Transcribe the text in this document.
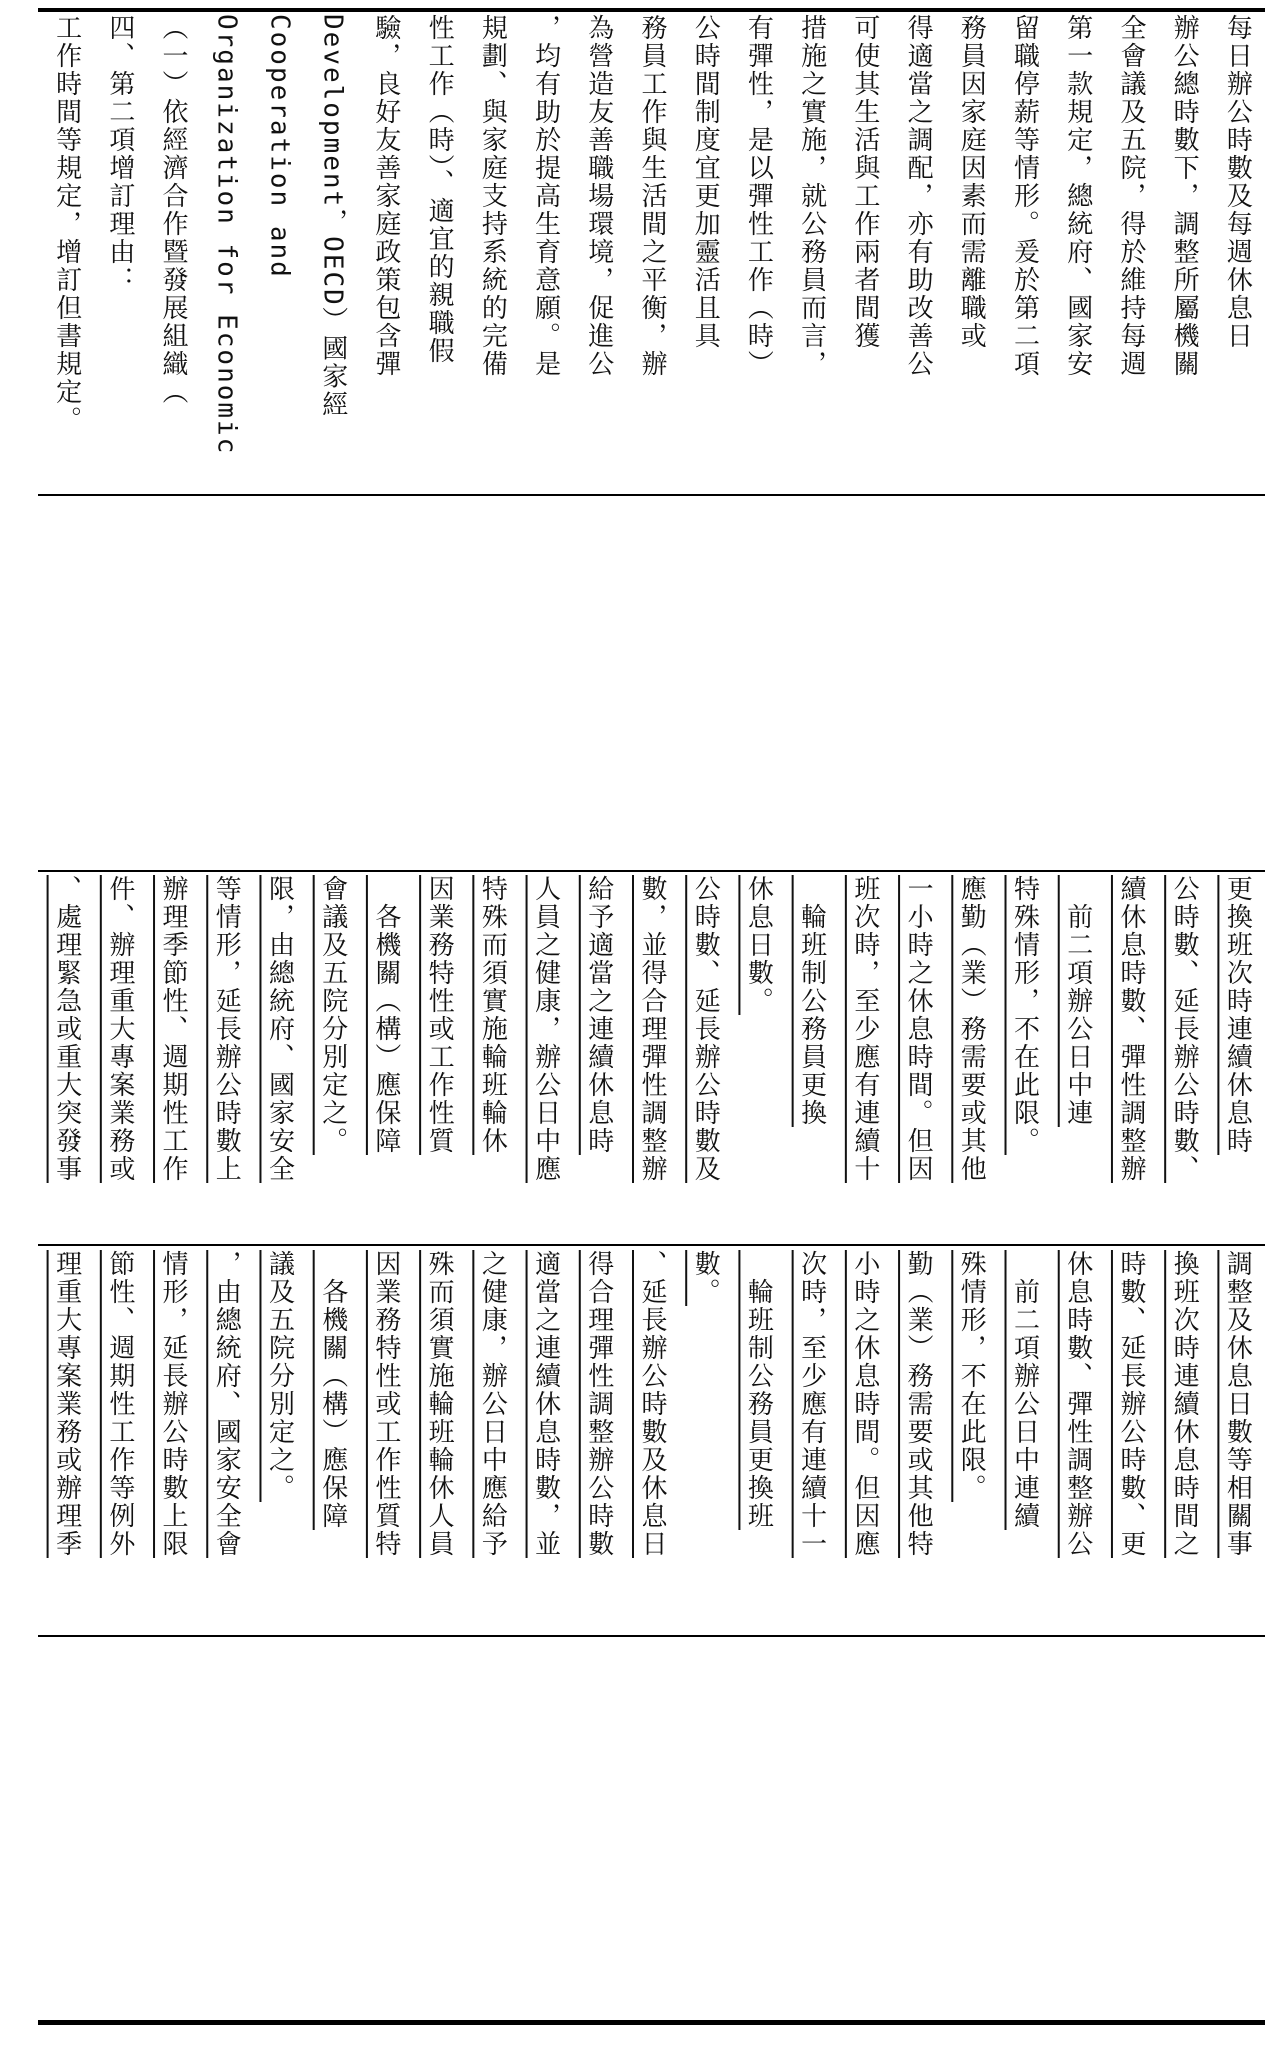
工作時間等規定，增訂但書規定。 四、第二項增訂理由： （一）依經濟合作暨發展組織（ Organization for Economic Cooperation and Development，OECD）國家經 驗，良好友善家庭政策包含彈 性工作（時）、適宜的親職假 規劃、與家庭支持系統的完備 ，均有助於提高生育意願。是 為營造友善職場環境，促進公 務員工作與生活間之平衡，辦 公時間制度宜更加靈活且具 有彈性，是以彈性工作（時） 措施之實施，就公務員而言， 可使其生活與工作兩者間獲 得適當之調配，亦有助改善公 務員因家庭因素而需離職或 留職停薪等情形。爰於第二項 第一款規定，總統府、國家安 全會議及五院，得於維持每週 辦公總時數下，調整所屬機關 每日辦公時數及每週休息日
、處理緊急或重大突發事 件、辦理重大專案業務或 辦理季節性、週期性工作 等情形，延長辦公時數上 限，由總統府、國家安全 會議及五院分別定之。 　各機關（構）應保障 因業務特性或工作性質 特殊而須實施輪班輪休 人員之健康，辦公日中應 給予適當之連續休息時 數，並得合理彈性調整辦 公時數、延長辦公時數及 休息日數。 　輪班制公務員更換 班次時，至少應有連續十 一小時之休息時間。但因 應勤（業）務需要或其他 特殊情形，不在此限。 　前二項辦公日中連 續休息時數、彈性調整辦 公時數、延長辦公時數、 更換班次時連續休息時
理重大專案業務或辦理季 節性、週期性工作等例外 情形，延長辦公時數上限 ，由總統府、國家安全會 議及五院分別定之。 　各機關（構）應保障 因業務特性或工作性質特 殊而須實施輪班輪休人員 之健康，辦公日中應給予 適當之連續休息時數，並 得合理彈性調整辦公時數 、延長辦公時數及休息日 數。 　輪班制公務員更換班 次時，至少應有連續十一 小時之休息時間。但因應 勤（業）務需要或其他特 殊情形，不在此限。 　前二項辦公日中連續 休息時數、彈性調整辦公 時數、延長辦公時數、更 換班次時連續休息時間之 調整及休息日數等相關事
